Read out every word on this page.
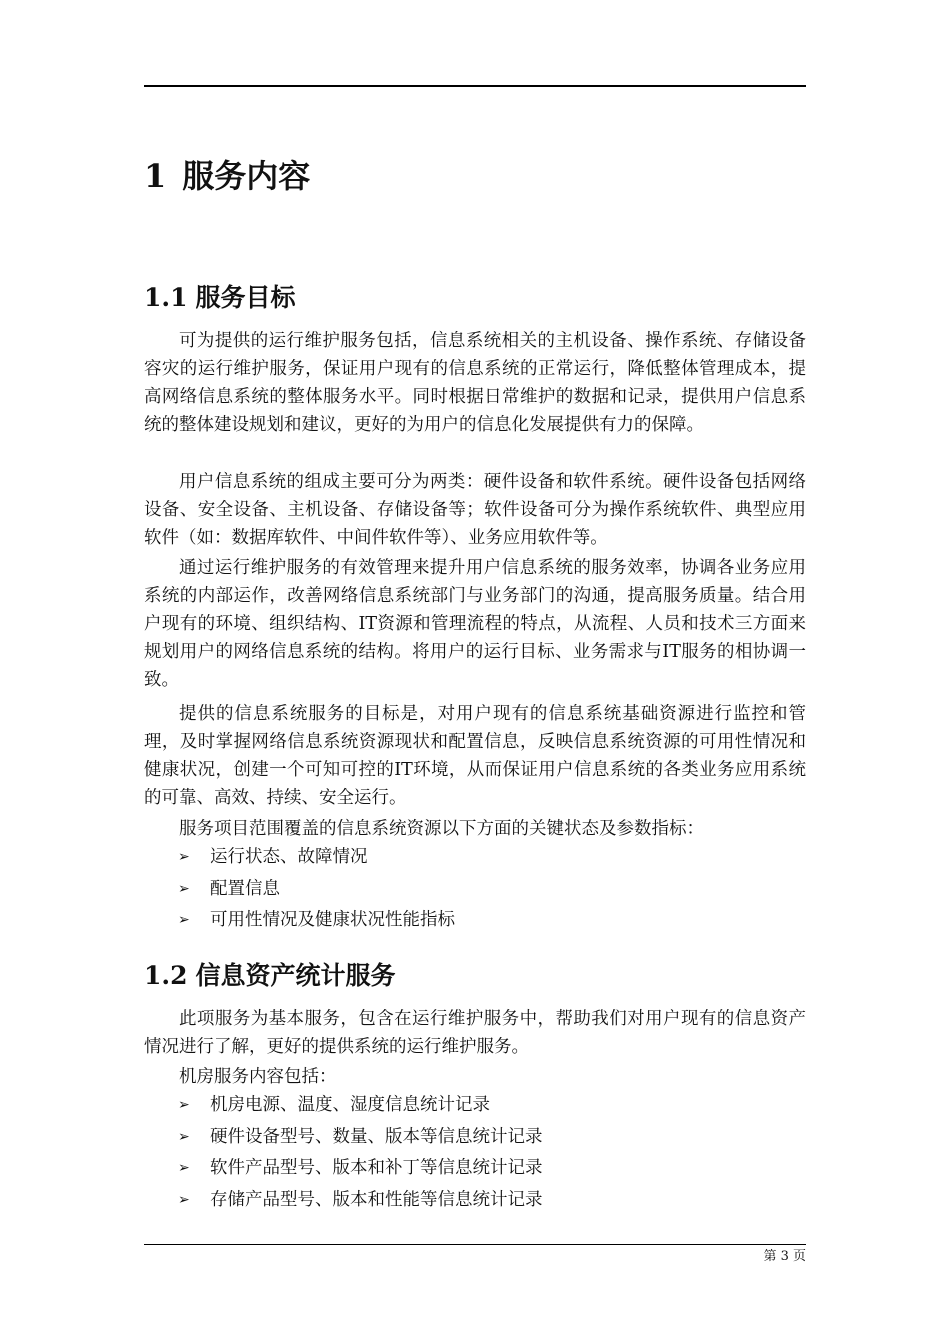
1 服务内容
1.1 服务目标

可为提供的运行维护服务包括，信息系统相关的主机设备、操作系统、存储设备容灾的运行维护服务，保证用户现有的信息系统的正常运行，降低整体管理成本，提高网络信息系统的整体服务水平。同时根据日常维护的数据和记录，提供用户信息系统的整体建设规划和建议，更好的为用户的信息化发展提供有力的保障。

用户信息系统的组成主要可分为两类：硬件设备和软件系统。硬件设备包括网络设备、安全设备、主机设备、存储设备等；软件设备可分为操作系统软件、典型应用软件（如：数据库软件、中间件软件等）、业务应用软件等。

通过运行维护服务的有效管理来提升用户信息系统的服务效率，协调各业务应用系统的内部运作，改善网络信息系统部门与业务部门的沟通，提高服务质量。结合用户现有的环境、组织结构、IT资源和管理流程的特点，从流程、人员和技术三方面来规划用户的网络信息系统的结构。将用户的运行目标、业务需求与IT服务的相协调一致。

提供的信息系统服务的目标是，对用户现有的信息系统基础资源进行监控和管理，及时掌握网络信息系统资源现状和配置信息，反映信息系统资源的可用性情况和健康状况，创建一个可知可控的IT环境，从而保证用户信息系统的各类业务应用系统的可靠、高效、持续、安全运行。

服务项目范围覆盖的信息系统资源以下方面的关键状态及参数指标：

➢	运行状态、故障情况
➢	配置信息
➢	可用性情况及健康状况性能指标
1.2 信息资产统计服务

此项服务为基本服务，包含在运行维护服务中，帮助我们对用户现有的信息资产情况进行了解，更好的提供系统的运行维护服务。

机房服务内容包括：

➢	机房电源、温度、湿度信息统计记录
➢	硬件设备型号、数量、版本等信息统计记录
➢	软件产品型号、版本和补丁等信息统计记录
➢	存储产品型号、版本和性能等信息统计记录
第 3 页
